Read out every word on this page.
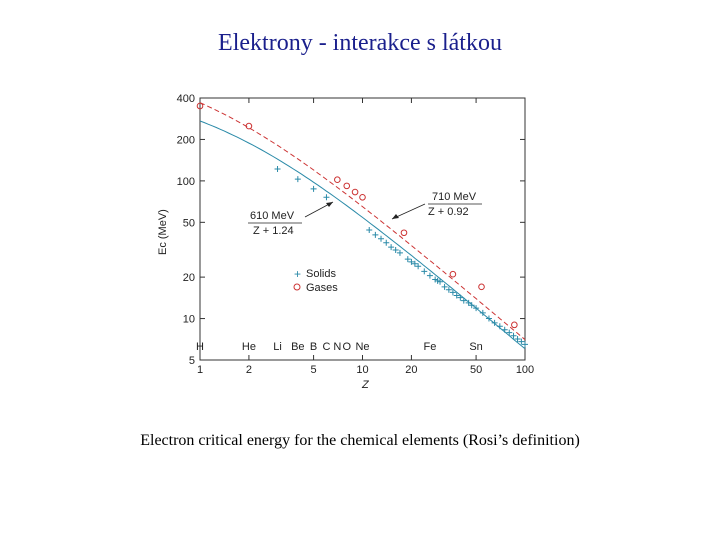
Elektrony - interakce s látkou
1	2	5	10	20	50	100
5
10
20
50
100
200
400
H	He Li Be B C N O Ne	Fe	Sn
610 MeV
Z + 1.24
710 MeV
Z + 0.92
+ Solids
Gases
Z
Ec (MeV)
Electron critical energy for the chemical elements (Rosi’s definition)
